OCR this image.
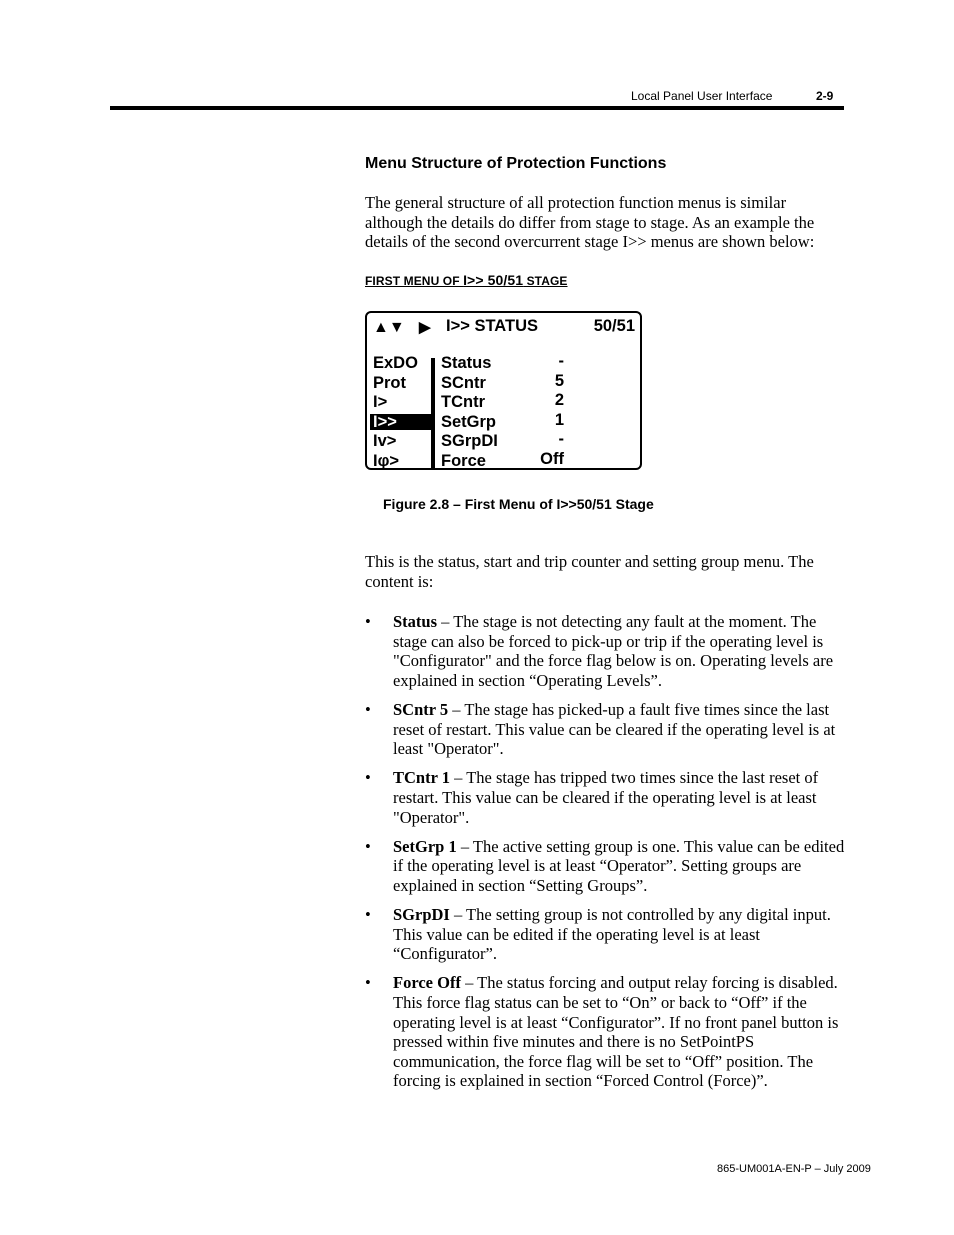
Local Panel User Interface	2-9
Menu Structure of Protection Functions
The general structure of all protection function menus is similar although the details do differ from stage to stage. As an example the details of the second overcurrent stage I>> menus are shown below:
FIRST MENU OF I>> 50/51 STAGE
▲▼ ▶ I>> STATUS	50/51
ExDO
Prot
I>
I>>
Iv>
Iφ>
Status	-
SCntr	5
TCntr	2
SetGrp	1
SGrpDI	-
Force	Off
Figure 2.8 – First Menu of I>>50/51 Stage
This is the status, start and trip counter and setting group menu. The content is:
• Status – The stage is not detecting any fault at the moment. The stage can also be forced to pick-up or trip if the operating level is "Configurator" and the force flag below is on. Operating levels are explained in section “Operating Levels”.
• SCntr 5 – The stage has picked-up a fault five times since the last reset of restart. This value can be cleared if the operating level is at least "Operator".
• TCntr 1 – The stage has tripped two times since the last reset of restart. This value can be cleared if the operating level is at least "Operator".
• SetGrp 1 – The active setting group is one. This value can be edited if the operating level is at least “Operator”. Setting groups are explained in section “Setting Groups”.
• SGrpDI – The setting group is not controlled by any digital input. This value can be edited if the operating level is at least “Configurator”.
• Force Off – The status forcing and output relay forcing is disabled. This force flag status can be set to “On” or back to “Off” if the operating level is at least “Configurator”. If no front panel button is pressed within five minutes and there is no SetPointPS communication, the force flag will be set to “Off” position. The forcing is explained in section “Forced Control (Force)”.
865-UM001A-EN-P – July 2009
